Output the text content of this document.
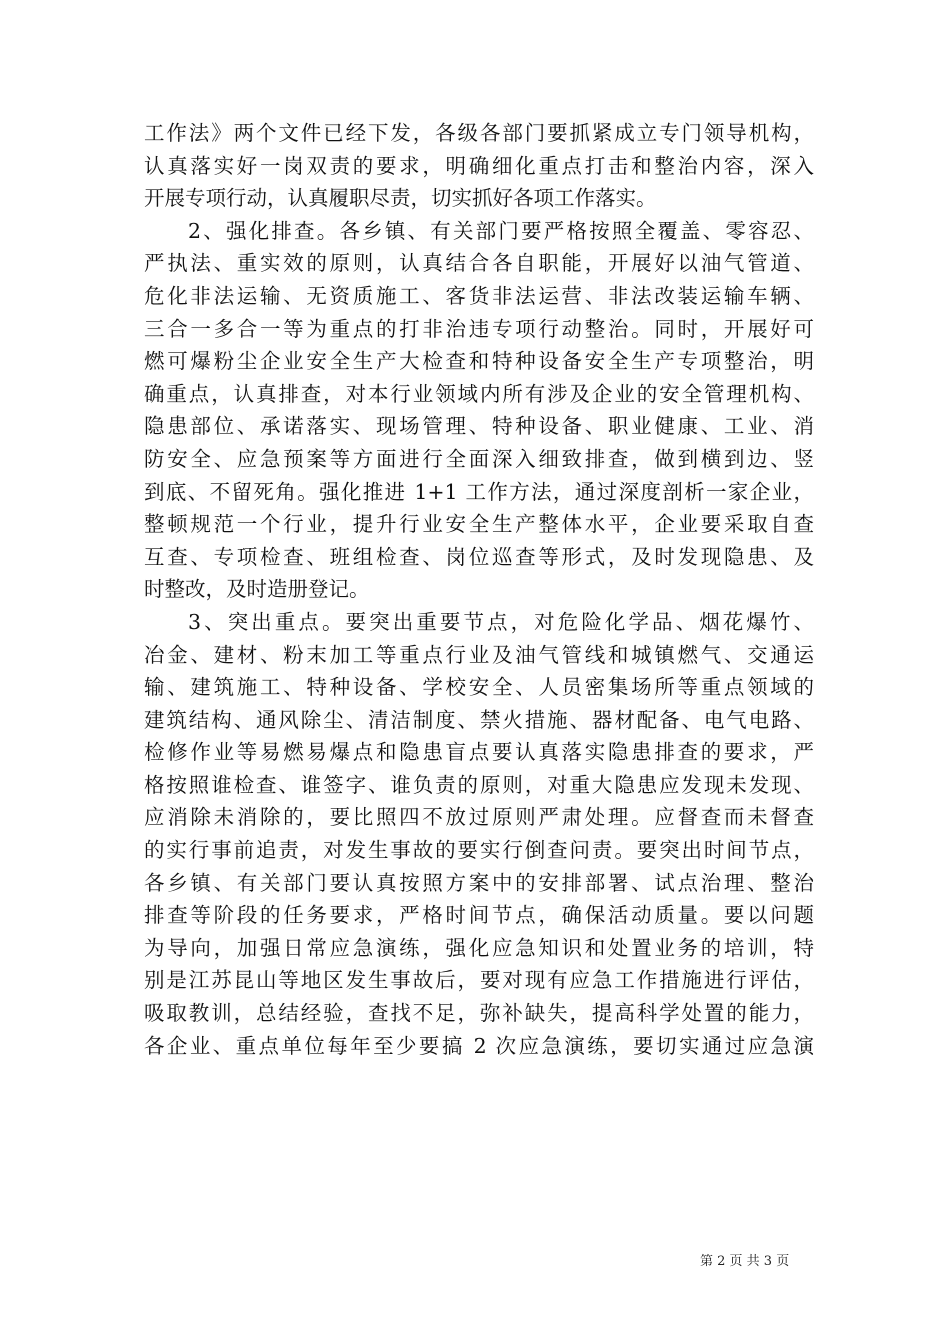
工作法》两个文件已经下发，各级各部门要抓紧成立专门领导机构，
认真落实好一岗双责的要求，明确细化重点打击和整治内容，深入
开展专项行动，认真履职尽责，切实抓好各项工作落实。
2、强化排查。各乡镇、有关部门要严格按照全覆盖、零容忍、
严执法、重实效的原则，认真结合各自职能，开展好以油气管道、
危化非法运输、无资质施工、客货非法运营、非法改装运输车辆、
三合一多合一等为重点的打非治违专项行动整治。同时，开展好可
燃可爆粉尘企业安全生产大检查和特种设备安全生产专项整治，明
确重点，认真排查，对本行业领域内所有涉及企业的安全管理机构、
隐患部位、承诺落实、现场管理、特种设备、职业健康、工业、消
防安全、应急预案等方面进行全面深入细致排查，做到横到边、竖
到底、不留死角。强化推进 1+1 工作方法，通过深度剖析一家企业，
整顿规范一个行业，提升行业安全生产整体水平，企业要采取自查
互查、专项检查、班组检查、岗位巡查等形式，及时发现隐患、及
时整改，及时造册登记。
3、突出重点。要突出重要节点，对危险化学品、烟花爆竹、
冶金、建材、粉末加工等重点行业及油气管线和城镇燃气、交通运
输、建筑施工、特种设备、学校安全、人员密集场所等重点领域的
建筑结构、通风除尘、清洁制度、禁火措施、器材配备、电气电路、
检修作业等易燃易爆点和隐患盲点要认真落实隐患排查的要求，严
格按照谁检查、谁签字、谁负责的原则，对重大隐患应发现未发现、
应消除未消除的，要比照四不放过原则严肃处理。应督查而未督查
的实行事前追责，对发生事故的要实行倒查问责。要突出时间节点，
各乡镇、有关部门要认真按照方案中的安排部署、试点治理、整治
排查等阶段的任务要求，严格时间节点，确保活动质量。要以问题
为导向，加强日常应急演练，强化应急知识和处置业务的培训，特
别是江苏昆山等地区发生事故后，要对现有应急工作措施进行评估，
吸取教训，总结经验，查找不足，弥补缺失，提高科学处置的能力，
各企业、重点单位每年至少要搞 2 次应急演练，要切实通过应急演
第 2 页 共 3 页
